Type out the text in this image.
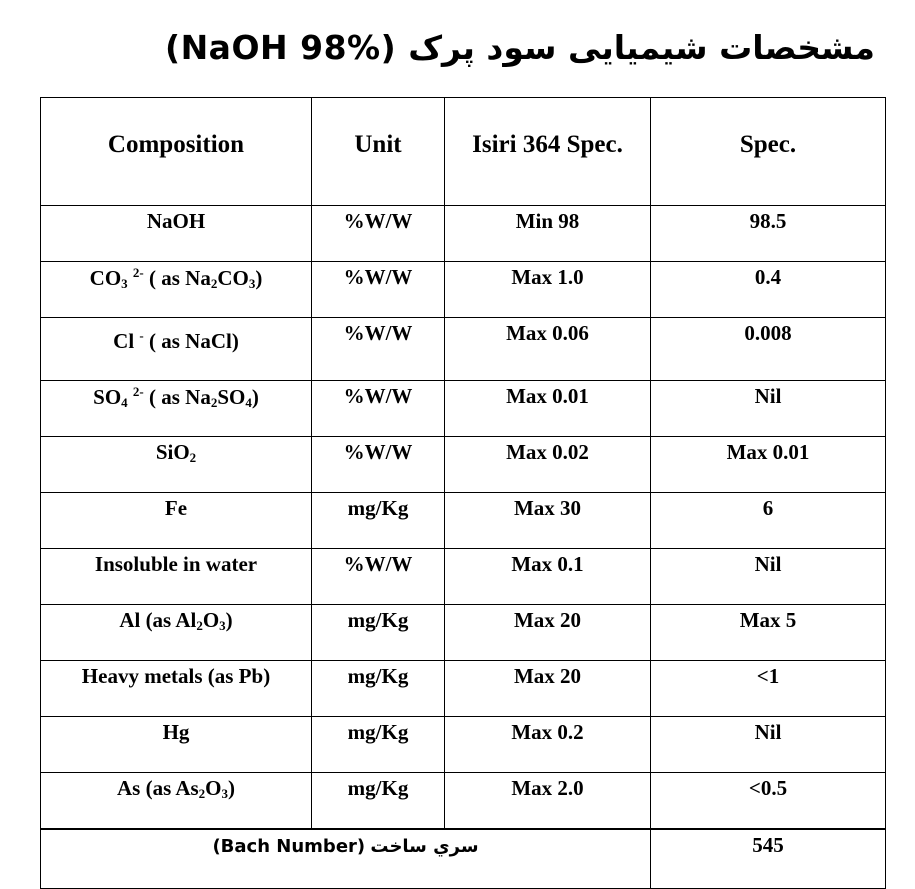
(NaOH 98%) مشخصات شیمیایی سود پرک
Composition	Unit	Isiri 364 Spec.	Spec.
NaOH	%W/W	Min 98	98.5
$CO_3$ $^{2-}$ ( as $Na_2CO_3$)	%W/W	Max 1.0	0.4
Cl - ( as NaCl)	%W/W	Max 0.06	0.008
$SO_4$ $^{2-}$ ( as $Na_2SO_4$)	%W/W	Max 0.01	Nil
SiO$_2$	%W/W	Max 0.02	Max 0.01
Fe	mg/Kg	Max 30	6
Insoluble in water	%W/W	Max 0.1	Nil
Al (as $Al_2O_3$)	mg/Kg	Max 20	Max 5
Heavy metals (as Pb)	mg/Kg	Max 20	<1
Hg	mg/Kg	Max 0.2	Nil
As (as $As_2O_3$)	mg/Kg	Max 2.0	<0.5
(Bach Number) سري ساخت			545
